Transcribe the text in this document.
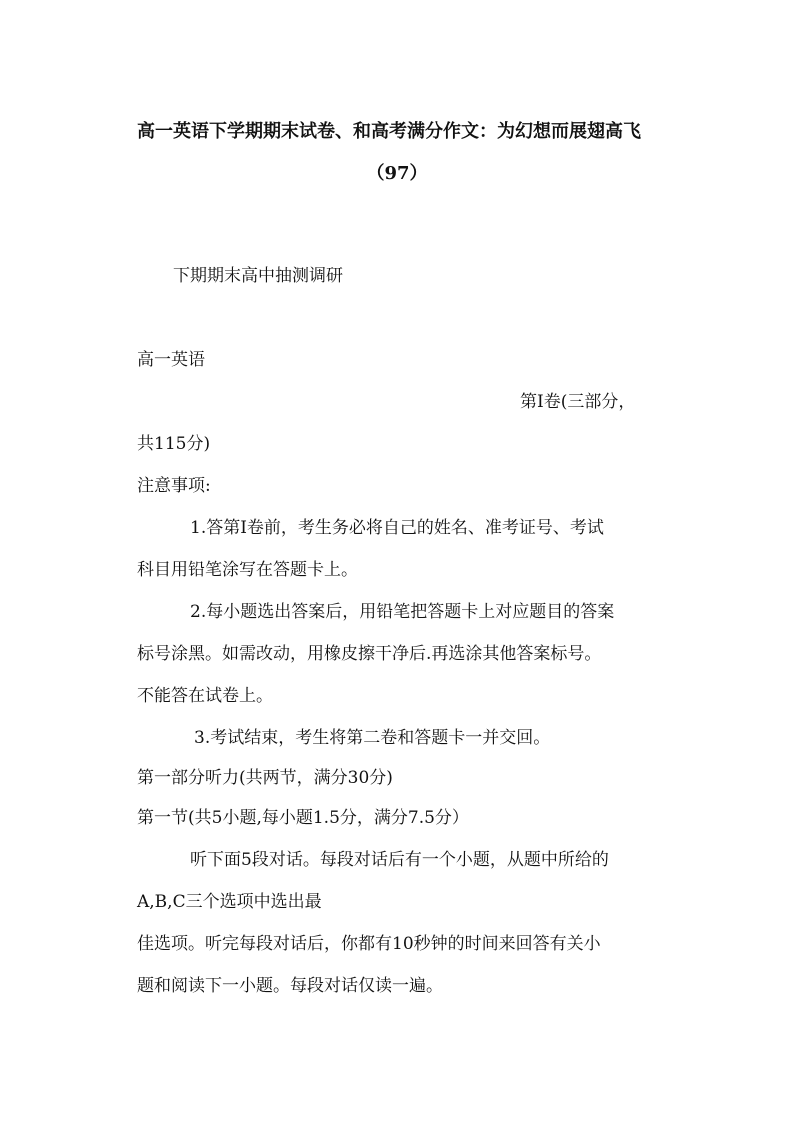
高一英语下学期期末试卷、和高考满分作文：为幻想而展翅高飞
（97）
下期期末高中抽测调研
高一英语
第Ⅰ卷(三部分，
共115分)
注意事项:
1.答第Ⅰ卷前，考生务必将自己的姓名、准考证号、考试
科目用铅笔涂写在答题卡上。
2.每小题选出答案后，用铅笔把答题卡上对应题目的答案
标号涂黑。如需改动，用橡皮擦干净后.再选涂其他答案标号。
不能答在试卷上。
3.考试结束，考生将第二卷和答题卡一并交回。
第一部分听力(共两节，满分30分)
第一节(共5小题,每小题1.5分，满分7.5分）
听下面5段对话。每段对话后有一个小题，从题中所给的
A,B,C三个选项中选出最
佳选项。听完每段对话后，你都有10秒钟的时间来回答有关小
题和阅读下一小题。每段对话仅读一遍。
